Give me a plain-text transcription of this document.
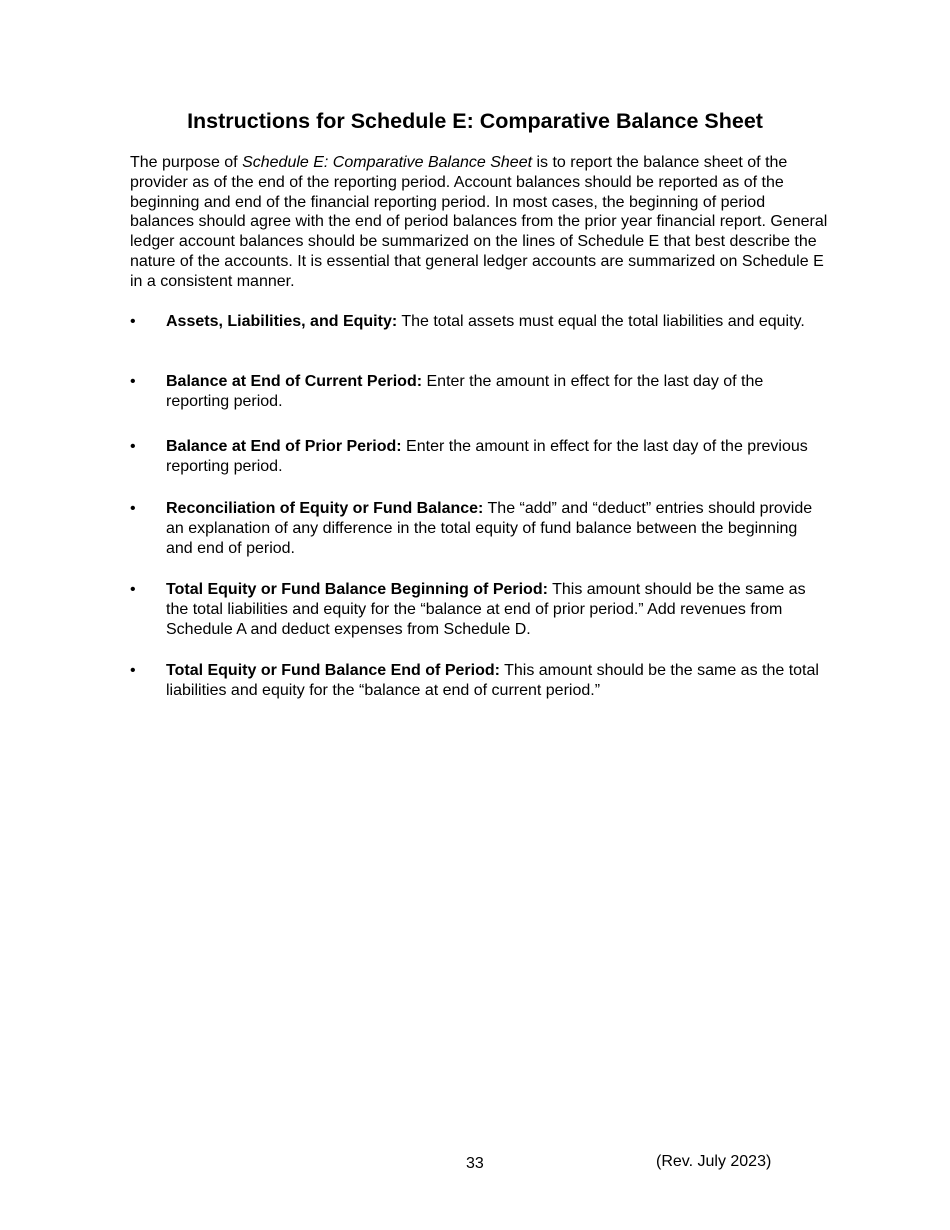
Instructions for Schedule E: Comparative Balance Sheet

The purpose of Schedule E: Comparative Balance Sheet is to report the balance sheet of the provider as of the end of the reporting period. Account balances should be reported as of the beginning and end of the financial reporting period. In most cases, the beginning of period balances should agree with the end of period balances from the prior year financial report. General ledger account balances should be summarized on the lines of Schedule E that best describe the nature of the accounts. It is essential that general ledger accounts are summarized on Schedule E in a consistent manner.

•	Assets, Liabilities, and Equity: The total assets must equal the total liabilities and equity.
•	Balance at End of Current Period: Enter the amount in effect for the last day of the reporting period.
•	Balance at End of Prior Period: Enter the amount in effect for the last day of the previous reporting period.
•	Reconciliation of Equity or Fund Balance: The “add” and “deduct” entries should provide an explanation of any difference in the total equity of fund balance between the beginning and end of period.
•	Total Equity or Fund Balance Beginning of Period: This amount should be the same as the total liabilities and equity for the “balance at end of prior period.” Add revenues from Schedule A and deduct expenses from Schedule D.
•	Total Equity or Fund Balance End of Period: This amount should be the same as the total liabilities and equity for the “balance at end of current period.”
33	(Rev. July 2023)
